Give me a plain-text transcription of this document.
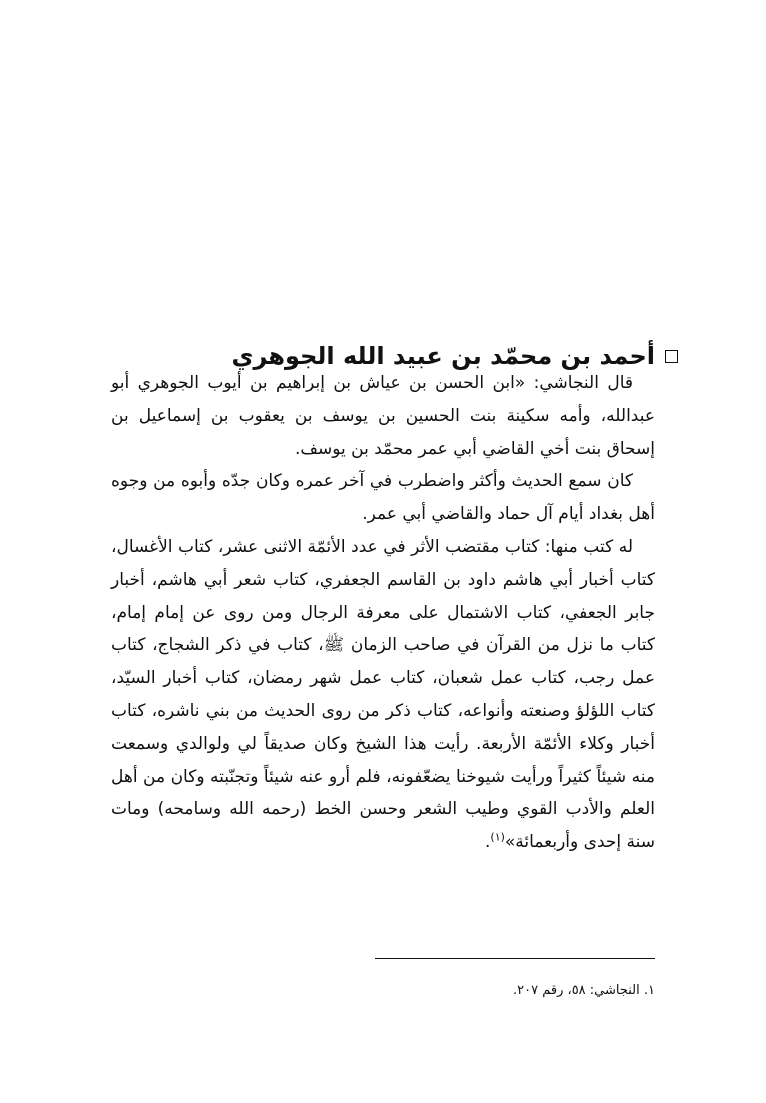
أحمد بن محمّد بن عبيد الله الجوهري

قال النجاشي: «ابن الحسن بن عياش بن إبراهيم بن أيوب الجوهري أبو عبدالله، وأمه سكينة بنت الحسين بن يوسف بن يعقوب بن إسماعيل بن إسحاق بنت أخي القاضي أبي عمر محمّد بن يوسف.

كان سمع الحديث وأكثر واضطرب في آخر عمره وكان جدّه وأبوه من وجوه أهل بغداد أيام آل حماد والقاضي أبي عمر.

له كتب منها: كتاب مقتضب الأثر في عدد الأئمّة الاثنى عشر، كتاب الأغسال، كتاب أخبار أبي هاشم داود بن القاسم الجعفري، كتاب شعر أبي هاشم، أخبار جابر الجعفي، كتاب الاشتمال على معرفة الرجال ومن روى عن إمام إمام، كتاب ما نزل من القرآن في صاحب الزمان ﷺ، كتاب في ذكر الشجاج، كتاب عمل رجب، كتاب عمل شعبان، كتاب عمل شهر رمضان، كتاب أخبار السيّد، كتاب اللؤلؤ وصنعته وأنواعه، كتاب ذكر من روى الحديث من بني ناشره، كتاب أخبار وكلاء الأئمّة الأربعة. رأيت هذا الشيخ وكان صديقاً لي ولوالدي وسمعت منه شيئاً كثيراً ورأيت شيوخنا يضعّفونه، فلم أرو عنه شيئاً وتجنّبته وكان من أهل العلم والأدب القوي وطيب الشعر وحسن الخط (رحمه الله وسامحه) ومات سنة إحدى وأربعمائة»$^{(١)}$.

١. النجاشي: ٥٨، رقم ٢٠٧.
